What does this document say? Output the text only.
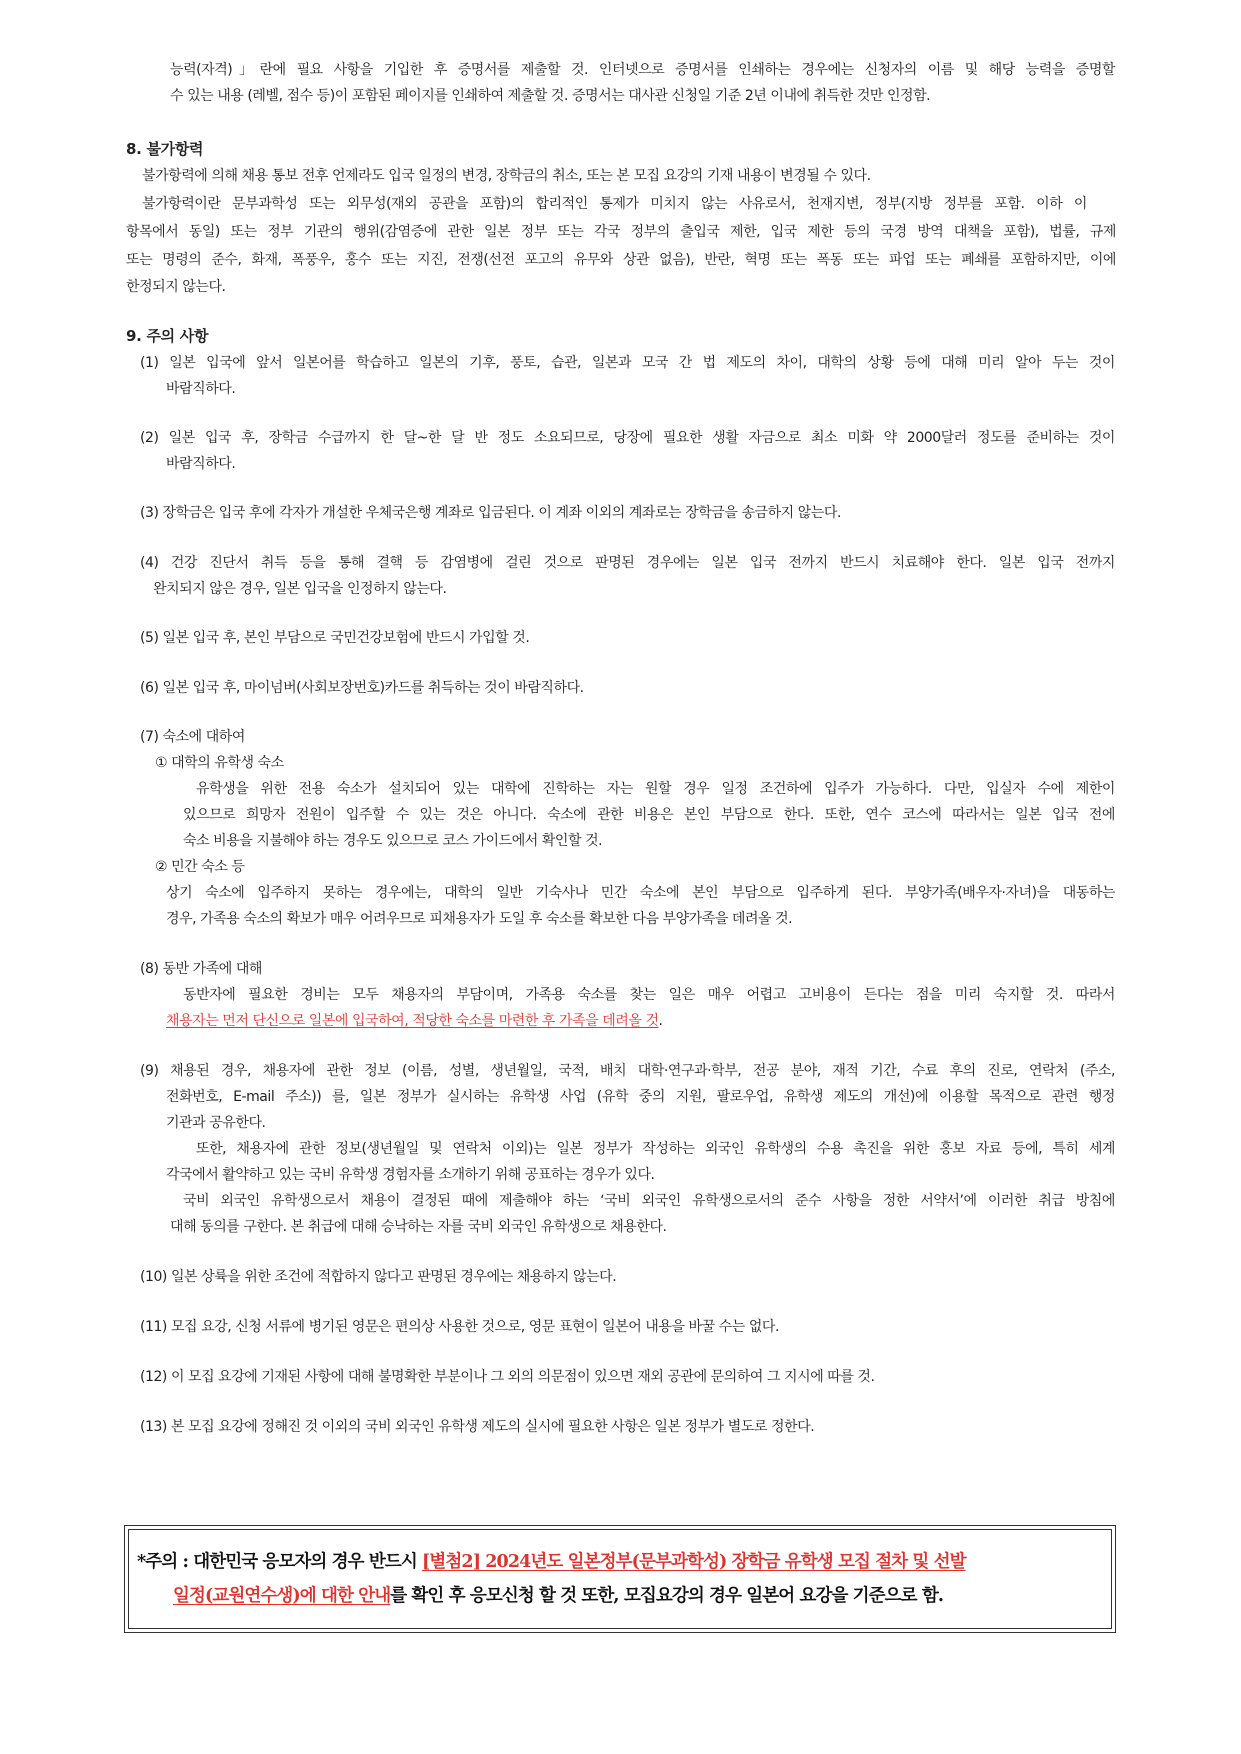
능력(자격)」란에 필요 사항을 기입한 후 증명서를 제출할 것. 인터넷으로 증명서를 인쇄하는 경우에는 신청자의 이름 및 해당 능력을 증명할
수 있는 내용 (레벨, 점수 등)이 포함된 페이지를 인쇄하여 제출할 것. 증명서는 대사관 신청일 기준 2년 이내에 취득한 것만 인정함.
8. 불가항력
불가항력에 의해 채용 통보 전후 언제라도 입국 일정의 변경, 장학금의 취소, 또는 본 모집 요강의 기재 내용이 변경될 수 있다.
불가항력이란 문부과학성 또는 외무성(재외 공관을 포함)의 합리적인 통제가 미치지 않는 사유로서, 천재지변, 정부(지방 정부를 포함. 이하 이
항목에서 동일) 또는 정부 기관의 행위(감염증에 관한 일본 정부 또는 각국 정부의 출입국 제한, 입국 제한 등의 국경 방역 대책을 포함), 법률, 규제
또는 명령의 준수, 화재, 폭풍우, 홍수 또는 지진, 전쟁(선전 포고의 유무와 상관 없음), 반란, 혁명 또는 폭동 또는 파업 또는 폐쇄를 포함하지만, 이에
한정되지 않는다.
9. 주의 사항
(1) 일본 입국에 앞서 일본어를 학습하고 일본의 기후, 풍토, 습관, 일본과 모국 간 법 제도의 차이, 대학의 상황 등에 대해 미리 알아 두는 것이
바람직하다.
(2) 일본 입국 후, 장학금 수급까지 한 달~한 달 반 정도 소요되므로, 당장에 필요한 생활 자금으로 최소 미화 약 2000달러 정도를 준비하는 것이
바람직하다.
(3) 장학금은 입국 후에 각자가 개설한 우체국은행 계좌로 입금된다. 이 계좌 이외의 계좌로는 장학금을 송금하지 않는다.
(4) 건강 진단서 취득 등을 통해 결핵 등 감염병에 걸린 것으로 판명된 경우에는 일본 입국 전까지 반드시 치료해야 한다. 일본 입국 전까지
완치되지 않은 경우, 일본 입국을 인정하지 않는다.
(5) 일본 입국 후, 본인 부담으로 국민건강보험에 반드시 가입할 것.
(6) 일본 입국 후, 마이넘버(사회보장번호)카드를 취득하는 것이 바람직하다.
(7) 숙소에 대하여
① 대학의 유학생 숙소
유학생을 위한 전용 숙소가 설치되어 있는 대학에 진학하는 자는 원할 경우 일정 조건하에 입주가 가능하다. 다만, 입실자 수에 제한이
있으므로 희망자 전원이 입주할 수 있는 것은 아니다. 숙소에 관한 비용은 본인 부담으로 한다. 또한, 연수 코스에 따라서는 일본 입국 전에
숙소 비용을 지불해야 하는 경우도 있으므로 코스 가이드에서 확인할 것.
② 민간 숙소 등
상기 숙소에 입주하지 못하는 경우에는, 대학의 일반 기숙사나 민간 숙소에 본인 부담으로 입주하게 된다. 부양가족(배우자·자녀)을 대동하는
경우, 가족용 숙소의 확보가 매우 어려우므로 피채용자가 도일 후 숙소를 확보한 다음 부양가족을 데려올 것.
(8) 동반 가족에 대해
동반자에 필요한 경비는 모두 채용자의 부담이며, 가족용 숙소를 찾는 일은 매우 어렵고 고비용이 든다는 점을 미리 숙지할 것. 따라서
채용자는 먼저 단신으로 일본에 입국하여, 적당한 숙소를 마련한 후 가족을 데려올 것.
(9) 채용된 경우, 채용자에 관한 정보 (이름, 성별, 생년월일, 국적, 배치 대학·연구과·학부, 전공 분야, 재적 기간, 수료 후의 진로, 연락처 (주소,
전화번호, E-mail 주소)) 를, 일본 정부가 실시하는 유학생 사업 (유학 중의 지원, 팔로우업, 유학생 제도의 개선)에 이용할 목적으로 관련 행정
기관과 공유한다.
또한, 채용자에 관한 정보(생년월일 및 연락처 이외)는 일본 정부가 작성하는 외국인 유학생의 수용 촉진을 위한 홍보 자료 등에, 특히 세계
각국에서 활약하고 있는 국비 유학생 경험자를 소개하기 위해 공표하는 경우가 있다.
국비 외국인 유학생으로서 채용이 결정된 때에 제출해야 하는 ‘국비 외국인 유학생으로서의 준수 사항을 정한 서약서’에 이러한 취급 방침에
대해 동의를 구한다. 본 취급에 대해 승낙하는 자를 국비 외국인 유학생으로 채용한다.
(10) 일본 상륙을 위한 조건에 적합하지 않다고 판명된 경우에는 채용하지 않는다.
(11) 모집 요강, 신청 서류에 병기된 영문은 편의상 사용한 것으로, 영문 표현이 일본어 내용을 바꿀 수는 없다.
(12) 이 모집 요강에 기재된 사항에 대해 불명확한 부분이나 그 외의 의문점이 있으면 재외 공관에 문의하여 그 지시에 따를 것.
(13) 본 모집 요강에 정해진 것 이외의 국비 외국인 유학생 제도의 실시에 필요한 사항은 일본 정부가 별도로 정한다.
*주의 : 대한민국 응모자의 경우 반드시 [별첨2] 2024년도 일본정부(문부과학성) 장학금 유학생 모집 절차 및 선발
일정(교원연수생)에 대한 안내를 확인 후 응모신청 할 것 또한, 모집요강의 경우 일본어 요강을 기준으로 함.
